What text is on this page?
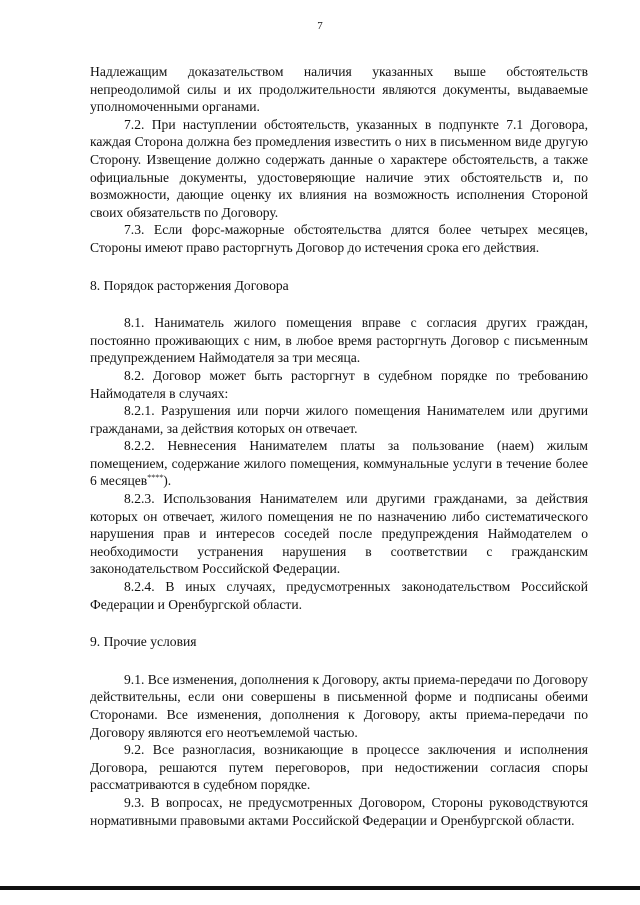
7

Надлежащим доказательством наличия указанных выше обстоятельств непреодолимой силы и их продолжительности являются документы, выдаваемые уполномоченными органами.

7.2. При наступлении обстоятельств, указанных в подпункте 7.1 Договора, каждая Сторона должна без промедления известить о них в письменном виде другую Сторону. Извещение должно содержать данные о характере обстоятельств, а также официальные документы, удостоверяющие наличие этих обстоятельств и, по возможности, дающие оценку их влияния на возможность исполнения Стороной своих обязательств по Договору.

7.3. Если форс-мажорные обстоятельства длятся более четырех месяцев, Стороны имеют право расторгнуть Договор до истечения срока его действия.

8. Порядок расторжения Договора

8.1. Наниматель жилого помещения вправе с согласия других граждан, постоянно проживающих с ним, в любое время расторгнуть Договор с письменным предупреждением Наймодателя за три месяца.

8.2. Договор может быть расторгнут в судебном порядке по требованию Наймодателя в случаях:

8.2.1. Разрушения или порчи жилого помещения Нанимателем или другими гражданами, за действия которых он отвечает.

8.2.2. Невнесения Нанимателем платы за пользование (наем) жилым помещением, содержание жилого помещения, коммунальные услуги в течение более 6 месяцев****).

8.2.3. Использования Нанимателем или другими гражданами, за действия которых он отвечает, жилого помещения не по назначению либо систематического нарушения прав и интересов соседей после предупреждения Наймодателем о необходимости устранения нарушения в соответствии с гражданским законодательством Российской Федерации.

8.2.4. В иных случаях, предусмотренных законодательством Российской Федерации и Оренбургской области.

9. Прочие условия

9.1. Все изменения, дополнения к Договору, акты приема-передачи по Договору действительны, если они совершены в письменной форме и подписаны обеими Сторонами. Все изменения, дополнения к Договору, акты приема-передачи по Договору являются его неотъемлемой частью.

9.2. Все разногласия, возникающие в процессе заключения и исполнения Договора, решаются путем переговоров, при недостижении согласия споры рассматриваются в судебном порядке.

9.3. В вопросах, не предусмотренных Договором, Стороны руководствуются нормативными правовыми актами Российской Федерации и Оренбургской области.
